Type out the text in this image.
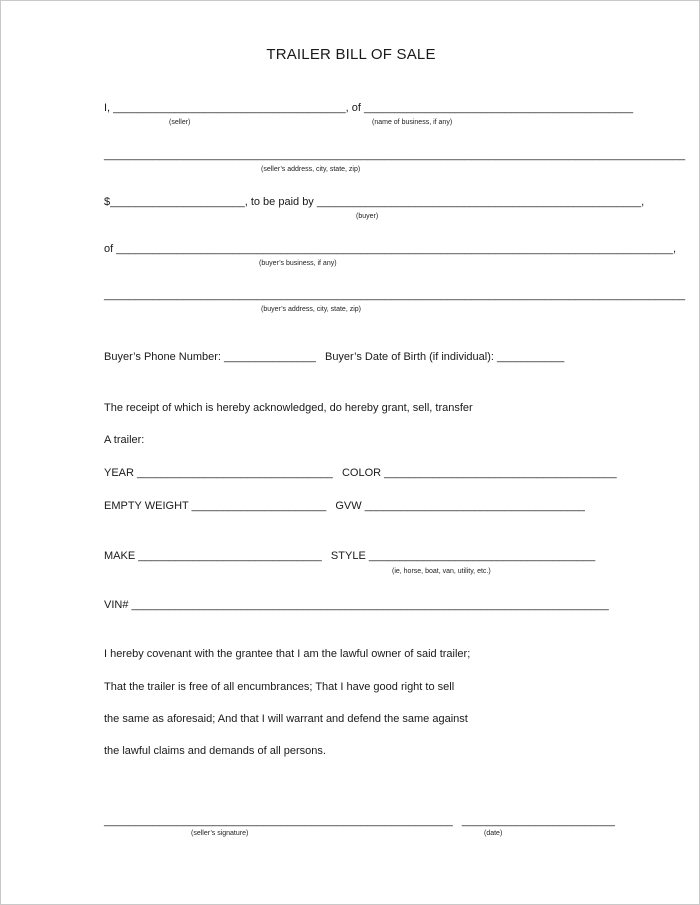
TRAILER BILL OF SALE
I, ______________________________________, of ____________________________________________
(seller)	(name of business, if any)
_______________________________________________________________________________________________
(seller’s address, city, state, zip)
$______________________, to be paid by _____________________________________________________,
(buyer)
of ___________________________________________________________________________________________,
(buyer’s business, if any)
_______________________________________________________________________________________________
(buyer’s address, city, state, zip)
Buyer’s Phone Number: _______________   Buyer’s Date of Birth (if individual): ___________
The receipt of which is hereby acknowledged, do hereby grant, sell, transfer
A trailer:
YEAR ________________________________   COLOR ______________________________________
EMPTY WEIGHT ______________________   GVW ____________________________________
MAKE ______________________________   STYLE _____________________________________
(ie, horse, boat, van, utility, etc.)
VIN# ______________________________________________________________________________
I hereby covenant with the grantee that I am the lawful owner of said trailer;
That the trailer is free of all encumbrances; That I have good right to sell
the same as aforesaid; And that I will warrant and defend the same against
the lawful claims and demands of all persons.
_________________________________________________________   _________________________
(seller’s signature)	(date)
